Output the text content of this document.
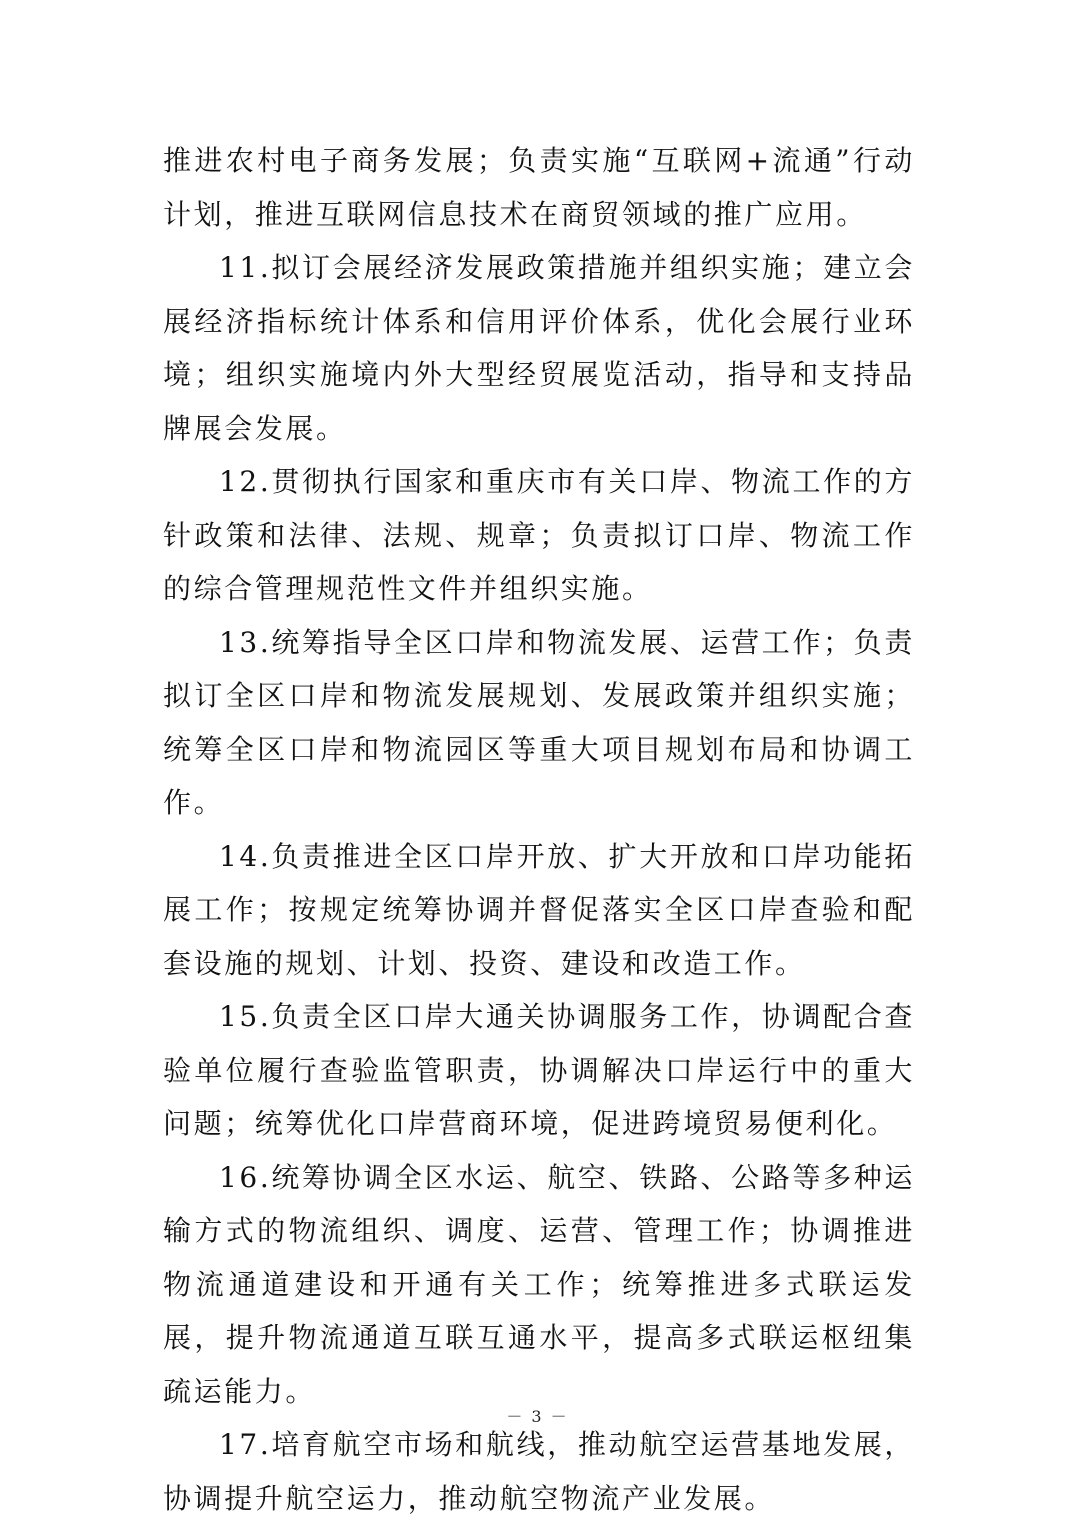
推进农村电子商务发展；负责实施“互联网+流通”行动计划，推进互联网信息技术在商贸领域的推广应用。

11.拟订会展经济发展政策措施并组织实施；建立会展经济指标统计体系和信用评价体系，优化会展行业环境；组织实施境内外大型经贸展览活动，指导和支持品牌展会发展。

12.贯彻执行国家和重庆市有关口岸、物流工作的方针政策和法律、法规、规章；负责拟订口岸、物流工作的综合管理规范性文件并组织实施。

13.统筹指导全区口岸和物流发展、运营工作；负责拟订全区口岸和物流发展规划、发展政策并组织实施；统筹全区口岸和物流园区等重大项目规划布局和协调工作。

14.负责推进全区口岸开放、扩大开放和口岸功能拓展工作；按规定统筹协调并督促落实全区口岸查验和配套设施的规划、计划、投资、建设和改造工作。

15.负责全区口岸大通关协调服务工作，协调配合查验单位履行查验监管职责，协调解决口岸运行中的重大问题；统筹优化口岸营商环境，促进跨境贸易便利化。

16.统筹协调全区水运、航空、铁路、公路等多种运输方式的物流组织、调度、运营、管理工作；协调推进物流通道建设和开通有关工作；统筹推进多式联运发展，提升物流通道互联互通水平，提高多式联运枢纽集疏运能力。

17.培育航空市场和航线，推动航空运营基地发展，协调提升航空运力，推动航空物流产业发展。

－ 3 －
